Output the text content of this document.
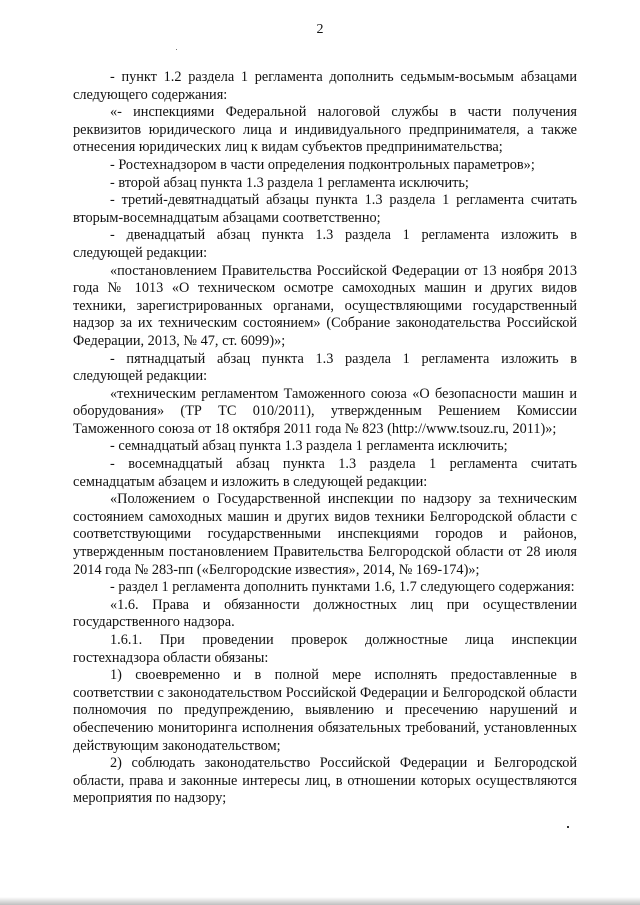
2

- пункт 1.2 раздела 1 регламента дополнить седьмым-восьмым абзацами следующего содержания:

«- инспекциями Федеральной налоговой службы в части получения реквизитов юридического лица и индивидуального предпринимателя, а также отнесения юридических лиц к видам субъектов предпринимательства;

- Ростехнадзором в части определения подконтрольных параметров»;

- второй абзац пункта 1.3 раздела 1 регламента исключить;

- третий-девятнадцатый абзацы пункта 1.3 раздела 1 регламента считать вторым-восемнадцатым абзацами соответственно;

- двенадцатый абзац пункта 1.3 раздела 1 регламента изложить в следующей редакции:

«постановлением Правительства Российской Федерации от 13 ноября 2013 года № 1013 «О техническом осмотре самоходных машин и других видов техники, зарегистрированных органами, осуществляющими государственный надзор за их техническим состоянием» (Собрание законодательства Российской Федерации, 2013, № 47, ст. 6099)»;

- пятнадцатый абзац пункта 1.3 раздела 1 регламента изложить в следующей редакции:

«техническим регламентом Таможенного союза «О безопасности машин и оборудования» (ТР ТС 010/2011), утвержденным Решением Комиссии Таможенного союза от 18 октября 2011 года № 823 (http://www.tsouz.ru, 2011)»;

- семнадцатый абзац пункта 1.3 раздела 1 регламента исключить;

- восемнадцатый абзац пункта 1.3 раздела 1 регламента считать семнадцатым абзацем и изложить в следующей редакции:

«Положением о Государственной инспекции по надзору за техническим состоянием самоходных машин и других видов техники Белгородской области с соответствующими государственными инспекциями городов и районов, утвержденным постановлением Правительства Белгородской области от 28 июля 2014 года № 283-пп («Белгородские известия», 2014, № 169-174)»;

- раздел 1 регламента дополнить пунктами 1.6, 1.7 следующего содержания:

«1.6. Права и обязанности должностных лиц при осуществлении государственного надзора.

1.6.1. При проведении проверок должностные лица инспекции гостехнадзора области обязаны:

1) своевременно и в полной мере исполнять предоставленные в соответствии с законодательством Российской Федерации и Белгородской области полномочия по предупреждению, выявлению и пресечению нарушений и обеспечению мониторинга исполнения обязательных требований, установленных действующим законодательством;

2) соблюдать законодательство Российской Федерации и Белгородской области, права и законные интересы лиц, в отношении которых осуществляются мероприятия по надзору;
